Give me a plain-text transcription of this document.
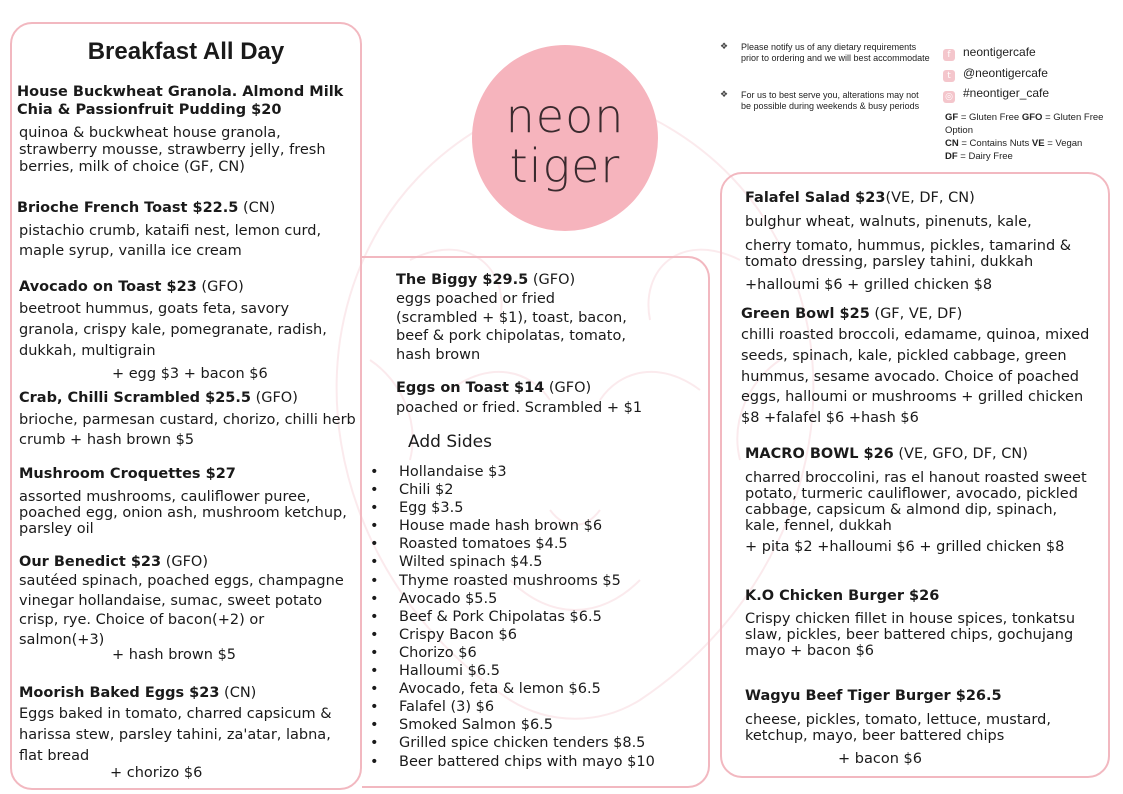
neon
tiger
❖ Please notify us of any dietary requirements prior to ordering and we will best accommodate
❖ For us to best serve you, alterations may not be possible during weekends & busy periods
f	neontigercafe
t	@neontigercafe
◎ #neontiger_cafe
GF = Gluten Free GFO = Gluten Free Option
CN = Contains Nuts VE = Vegan
DF = Dairy Free
Breakfast All Day
House Buckwheat Granola. Almond Milk Chia & Passionfruit Pudding $20
quinoa & buckwheat house granola, strawberry mousse, strawberry jelly, fresh berries, milk of choice (GF, CN)
Brioche French Toast $22.5 (CN)
pistachio crumb, kataifi nest, lemon curd, maple syrup, vanilla ice cream
Avocado on Toast $23 (GFO)
beetroot hummus, goats feta, savory granola, crispy kale, pomegranate, radish, dukkah, multigrain
+ egg $3 + bacon $6
Crab, Chilli Scrambled $25.5 (GFO)
brioche, parmesan custard, chorizo, chilli herb crumb + hash brown $5
Mushroom Croquettes $27
assorted mushrooms, cauliflower puree, poached egg, onion ash, mushroom ketchup, parsley oil
Our Benedict $23 (GFO)
sautéed spinach, poached eggs, champagne vinegar hollandaise, sumac, sweet potato crisp, rye. Choice of bacon(+2) or salmon(+3)
+ hash brown $5
Moorish Baked Eggs $23 (CN)
Eggs baked in tomato, charred capsicum & harissa stew, parsley tahini, za'atar, labna, flat bread
+ chorizo $6
The Biggy $29.5 (GFO)
eggs poached or fried (scrambled + $1), toast, bacon, beef & pork chipolatas, tomato, hash brown
Eggs on Toast $14 (GFO)
poached or fried. Scrambled + $1
Add Sides
• Hollandaise $3
• Chili $2
• Egg $3.5
• House made hash brown $6
• Roasted tomatoes $4.5
• Wilted spinach $4.5
• Thyme roasted mushrooms $5
• Avocado $5.5
• Beef & Pork Chipolatas $6.5
• Crispy Bacon $6
• Chorizo $6
• Halloumi $6.5
• Avocado, feta & lemon $6.5
• Falafel (3) $6
• Smoked Salmon $6.5
• Grilled spice chicken tenders $8.5
• Beer battered chips with mayo $10
Falafel Salad $23(VE, DF, CN)
bulghur wheat, walnuts, pinenuts, kale,
cherry tomato, hummus, pickles, tamarind & tomato dressing, parsley tahini, dukkah
+halloumi $6 + grilled chicken $8
Green Bowl $25 (GF, VE, DF)
chilli roasted broccoli, edamame, quinoa, mixed seeds, spinach, kale, pickled cabbage, green hummus, sesame avocado. Choice of poached eggs, halloumi or mushrooms + grilled chicken $8 +falafel $6 +hash $6
MACRO BOWL $26 (VE, GFO, DF, CN)
charred broccolini, ras el hanout roasted sweet potato, turmeric cauliflower, avocado, pickled cabbage, capsicum & almond dip, spinach, kale, fennel, dukkah
+ pita $2 +halloumi $6 + grilled chicken $8
K.O Chicken Burger $26
Crispy chicken fillet in house spices, tonkatsu slaw, pickles, beer battered chips, gochujang mayo + bacon $6
Wagyu Beef Tiger Burger $26.5
cheese, pickles, tomato, lettuce, mustard, ketchup, mayo, beer battered chips
+ bacon $6
